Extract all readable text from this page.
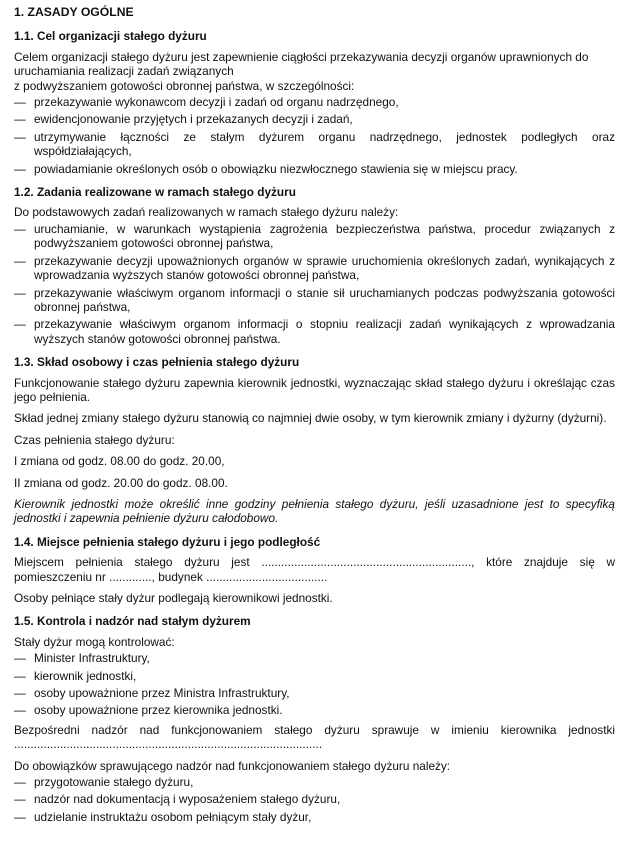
1. ZASADY OGÓLNE
1.1. Cel organizacji stałego dyżuru
Celem organizacji stałego dyżuru jest zapewnienie ciągłości przekazywania decyzji organów uprawnionych do uruchamiania realizacji zadań związanych
z podwyższaniem gotowości obronnej państwa, w szczególności:
— przekazywanie wykonawcom decyzji i zadań od organu nadrzędnego,
— ewidencjonowanie przyjętych i przekazanych decyzji i zadań,
— utrzymywanie łączności ze stałym dyżurem organu nadrzędnego, jednostek podległych oraz współdziałających,
— powiadamianie określonych osób o obowiązku niezwłocznego stawienia się w miejscu pracy.
1.2. Zadania realizowane w ramach stałego dyżuru
Do podstawowych zadań realizowanych w ramach stałego dyżuru należy:
— uruchamianie, w warunkach wystąpienia zagrożenia bezpieczeństwa państwa, procedur związanych z podwyższaniem gotowości obronnej państwa,
— przekazywanie decyzji upoważnionych organów w sprawie uruchomienia określonych zadań, wynikających z wprowadzania wyższych stanów gotowości obronnej państwa,
— przekazywanie właściwym organom informacji o stanie sił uruchamianych podczas podwyższania gotowości obronnej państwa,
— przekazywanie właściwym organom informacji o stopniu realizacji zadań wynikających z wprowadzania wyższych stanów gotowości obronnej państwa.
1.3. Skład osobowy i czas pełnienia stałego dyżuru
Funkcjonowanie stałego dyżuru zapewnia kierownik jednostki, wyznaczając skład stałego dyżuru i określając czas jego pełnienia.
Skład jednej zmiany stałego dyżuru stanowią co najmniej dwie osoby, w tym kierownik zmiany i dyżurny (dyżurni).
Czas pełnienia stałego dyżuru:
I zmiana od godz. 08.00 do godz. 20.00,
II zmiana od godz. 20.00 do godz. 08.00.
Kierownik jednostki może określić inne godziny pełnienia stałego dyżuru, jeśli uzasadnione jest to specyfiką jednostki i zapewnia pełnienie dyżuru całodobowo.
1.4. Miejsce pełnienia stałego dyżuru i jego podległość
Miejscem pełnienia stałego dyżuru jest ................................................................, które znajduje się w pomieszczeniu nr ............., budynek .....................................
Osoby pełniące stały dyżur podlegają kierownikowi jednostki.
1.5. Kontrola i nadzór nad stałym dyżurem
Stały dyżur mogą kontrolować:
— Minister Infrastruktury,
— kierownik jednostki,
— osoby upoważnione przez Ministra Infrastruktury,
— osoby upoważnione przez kierownika jednostki.
Bezpośredni nadzór nad funkcjonowaniem stałego dyżuru sprawuje w imieniu kierownika jednostki ..............................................................................................
Do obowiązków sprawującego nadzór nad funkcjonowaniem stałego dyżuru należy:
— przygotowanie stałego dyżuru,
— nadzór nad dokumentacją i wyposażeniem stałego dyżuru,
— udzielanie instruktażu osobom pełniącym stały dyżur,
